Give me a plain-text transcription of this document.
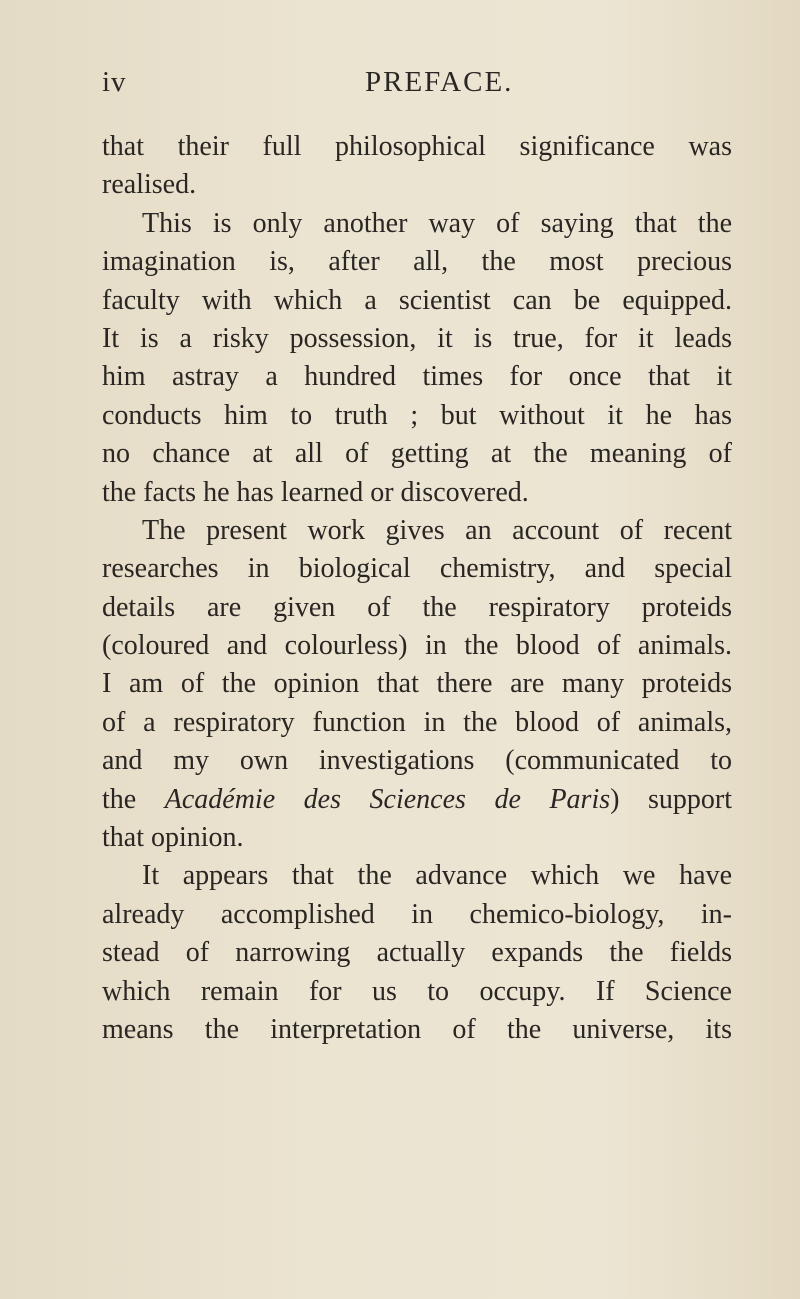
iv	PREFACE.
that their full philosophical significance was
realised.
This is only another way of saying that the
imagination is, after all, the most precious
faculty with which a scientist can be equipped.
It is a risky possession, it is true, for it leads
him astray a hundred times for once that it
conducts him to truth ; but without it he has
no chance at all of getting at the meaning of
the facts he has learned or discovered.
The present work gives an account of recent
researches in biological chemistry, and special
details are given of the respiratory proteids
(coloured and colourless) in the blood of animals.
I am of the opinion that there are many proteids
of a respiratory function in the blood of animals,
and my own investigations (communicated to
the Académie des Sciences de Paris) support
that opinion.
It appears that the advance which we have
already accomplished in chemico-biology, in-
stead of narrowing actually expands the fields
which remain for us to occupy. If Science
means the interpretation of the universe, its
